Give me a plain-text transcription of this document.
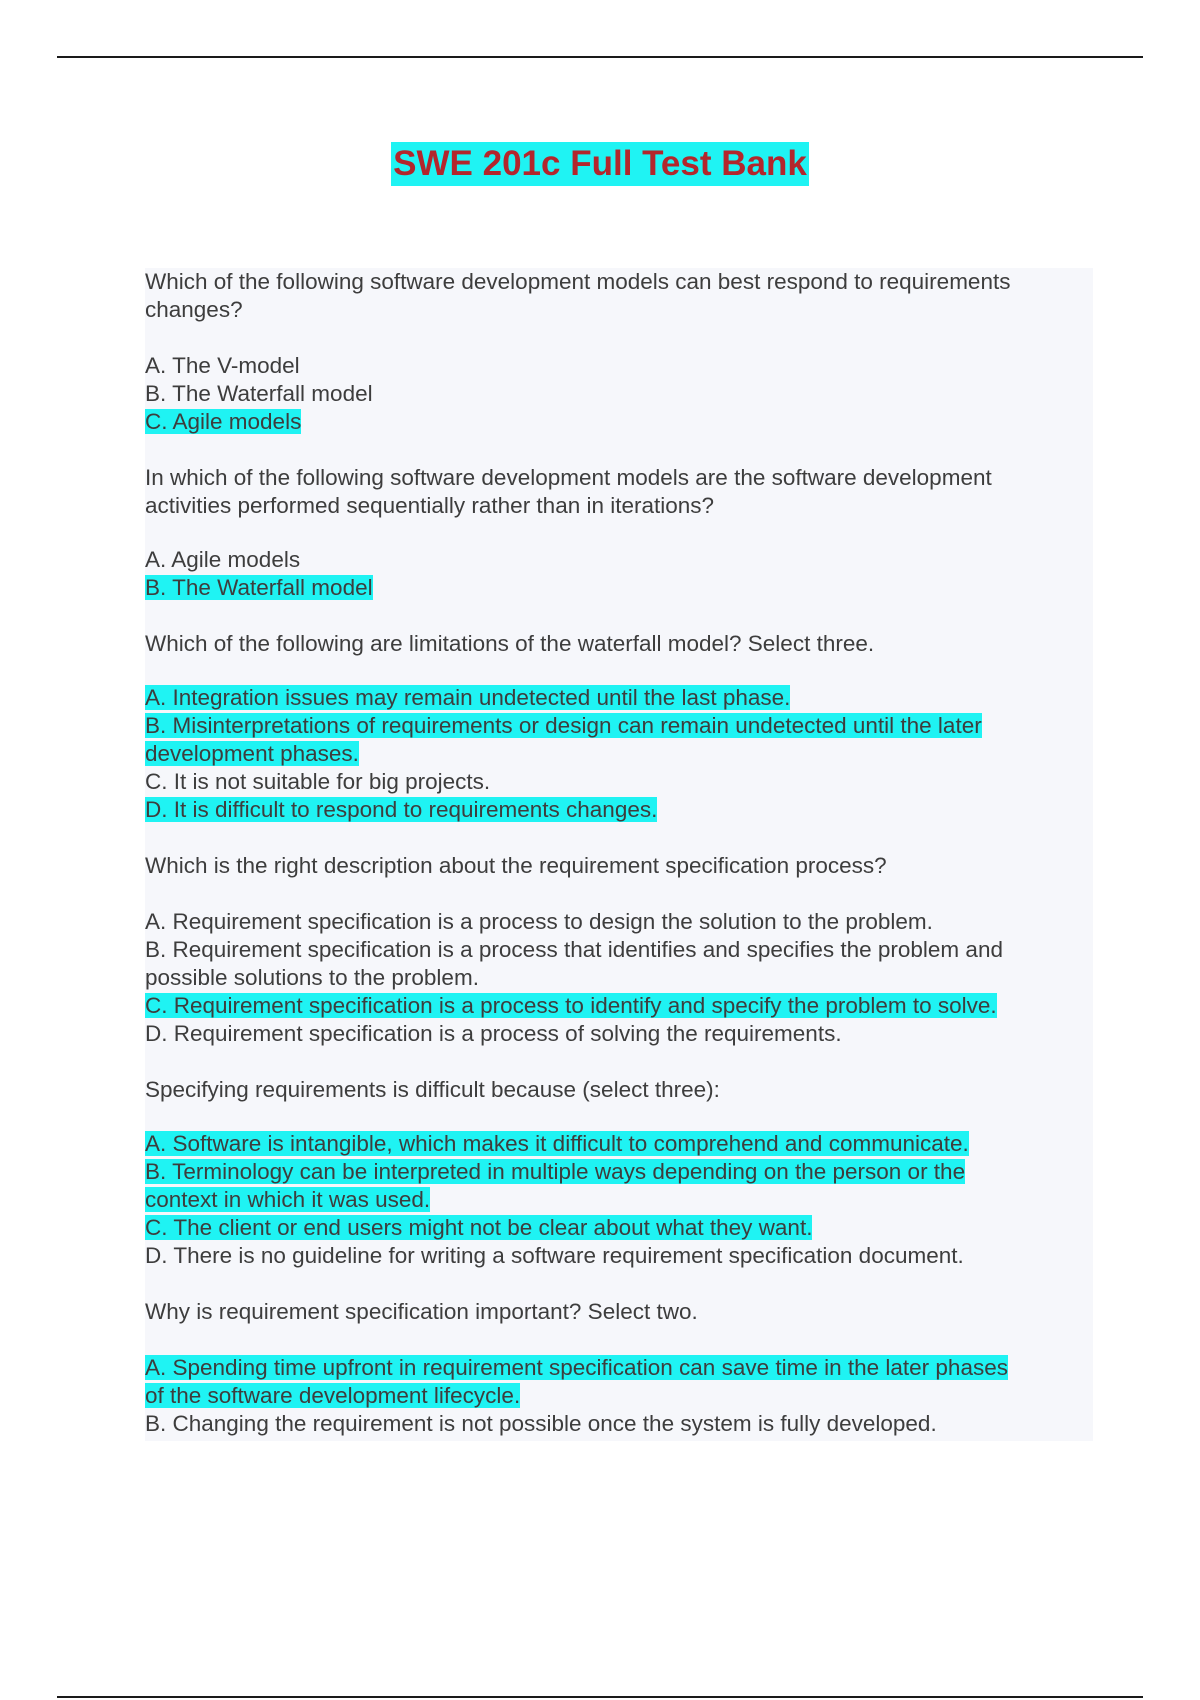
SWE 201c Full Test Bank
Which of the following software development models can best respond to requirements
changes?
A. The V-model
B. The Waterfall model
C. Agile models
In which of the following software development models are the software development
activities performed sequentially rather than in iterations?
A. Agile models
B. The Waterfall model
Which of the following are limitations of the waterfall model? Select three.
A. Integration issues may remain undetected until the last phase.
B. Misinterpretations of requirements or design can remain undetected until the later
development phases.
C. It is not suitable for big projects.
D. It is difficult to respond to requirements changes.
Which is the right description about the requirement specification process?
A. Requirement specification is a process to design the solution to the problem.
B. Requirement specification is a process that identifies and specifies the problem and
possible solutions to the problem.
C. Requirement specification is a process to identify and specify the problem to solve.
D. Requirement specification is a process of solving the requirements.
Specifying requirements is difficult because (select three):
A. Software is intangible, which makes it difficult to comprehend and communicate.
B. Terminology can be interpreted in multiple ways depending on the person or the
context in which it was used.
C. The client or end users might not be clear about what they want.
D. There is no guideline for writing a software requirement specification document.
Why is requirement specification important? Select two.
A. Spending time upfront in requirement specification can save time in the later phases
of the software development lifecycle.
B. Changing the requirement is not possible once the system is fully developed.
